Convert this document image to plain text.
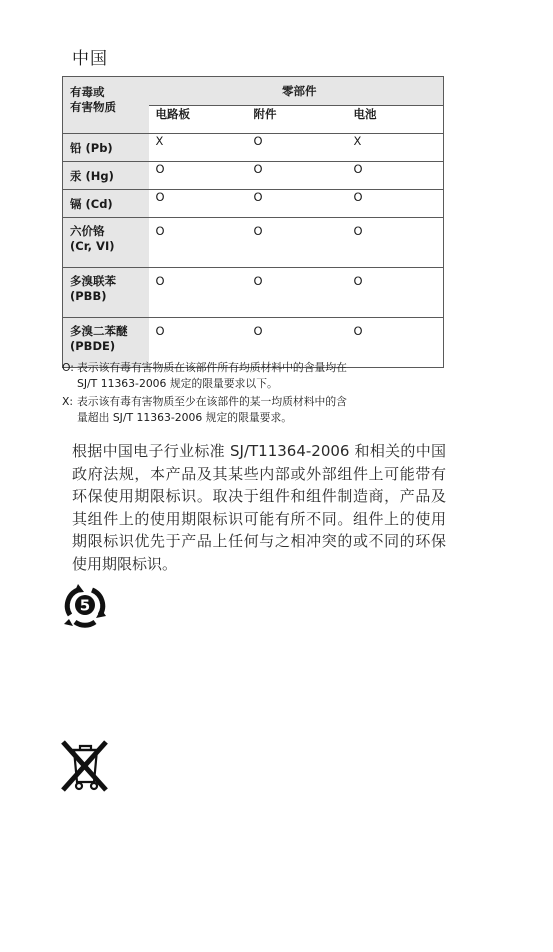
中国
有毒或
有害物质	零部件		
	电路板	附件	电池
铅 (Pb)	X	O	X
汞 (Hg)	O	O	O
镉 (Cd)	O	O	O

六价铬
(Cr, VI)	O	O	O

多溴联苯
(PBB)	O	O	O

多溴二苯醚
(PBDE)	O	O	O
O: 表示该有毒有害物质在该部件所有均质材料中的含量均在
SJ/T 11363-2006 规定的限量要求以下。
X: 表示该有毒有害物质至少在该部件的某一均质材料中的含
量超出 SJ/T 11363-2006 规定的限量要求。
根据中国电子行业标准 SJ/T11364-2006 和相关的中国政府法规，本产品及其某些内部或外部组件上可能带有环保使用期限标识。取决于组件和组件制造商，产品及其组件上的使用期限标识可能有所不同。组件上的使用期限标识优先于产品上任何与之相冲突的或不同的环保使用期限标识。
5
